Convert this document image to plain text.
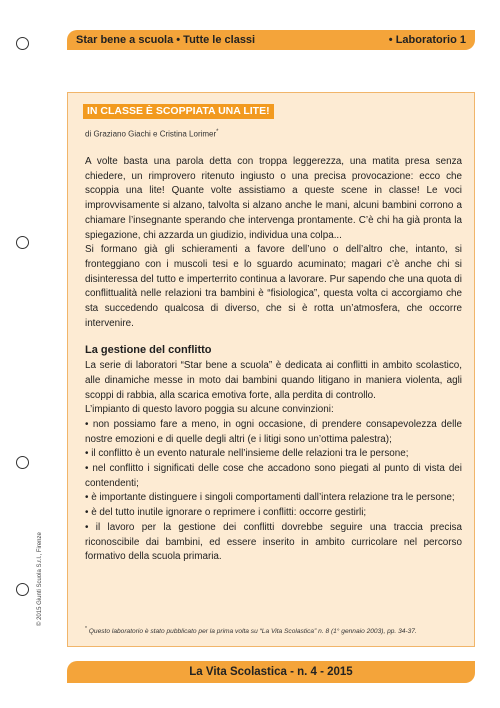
Star bene a scuola • Tutte le classi	• Laboratorio 1
IN CLASSE È SCOPPIATA UNA LITE!
di Graziano Giachi e Cristina Lorimer*

A volte basta una parola detta con troppa leggerezza, una matita presa senza chiedere, un rimprovero ritenuto ingiusto o una precisa provocazione: ecco che scoppia una lite! Quante volte assistiamo a queste scene in classe! Le voci improvvisamente si alzano, talvolta si alzano anche le mani, alcuni bambini corrono a chiamare l’insegnante sperando che intervenga prontamente. C’è chi ha già pronta la spiegazione, chi azzarda un giudizio, individua una colpa...

Si formano già gli schieramenti a favore dell’uno o dell’altro che, intanto, si fronteggiano con i muscoli tesi e lo sguardo acuminato; magari c’è anche chi si disinteressa del tutto e imperterrito continua a lavorare. Pur sapendo che una quota di conflittualità nelle relazioni tra bambini è “fisiologica”, questa volta ci accorgiamo che sta succedendo qualcosa di diverso, che si è rotta un’atmosfera, che occorre intervenire.

La gestione del conflitto

La serie di laboratori “Star bene a scuola” è dedicata ai conflitti in ambito scolastico, alle dinamiche messe in moto dai bambini quando litigano in maniera violenta, agli scoppi di rabbia, alla scarica emotiva forte, alla perdita di controllo.

L’impianto di questo lavoro poggia su alcune convinzioni:

• non possiamo fare a meno, in ogni occasione, di prendere consapevolezza delle nostre emozioni e di quelle degli altri (e i litigi sono un’ottima palestra);

• il conflitto è un evento naturale nell’insieme delle relazioni tra le persone;

• nel conflitto i significati delle cose che accadono sono piegati al punto di vista dei contendenti;

• è importante distinguere i singoli comportamenti dall’intera relazione tra le persone;

• è del tutto inutile ignorare o reprimere i conflitti: occorre gestirli;

• il lavoro per la gestione dei conflitti dovrebbe seguire una traccia precisa riconoscibile dai bambini, ed essere inserito in ambito curricolare nel percorso formativo della scuola primaria.

* Questo laboratorio è stato pubblicato per la prima volta su “La Vita Scolastica” n. 8 (1° gennaio 2003), pp. 34-37.
© 2015 Giunti Scuola S.r.l., Firenze
La Vita Scolastica - n. 4 - 2015
